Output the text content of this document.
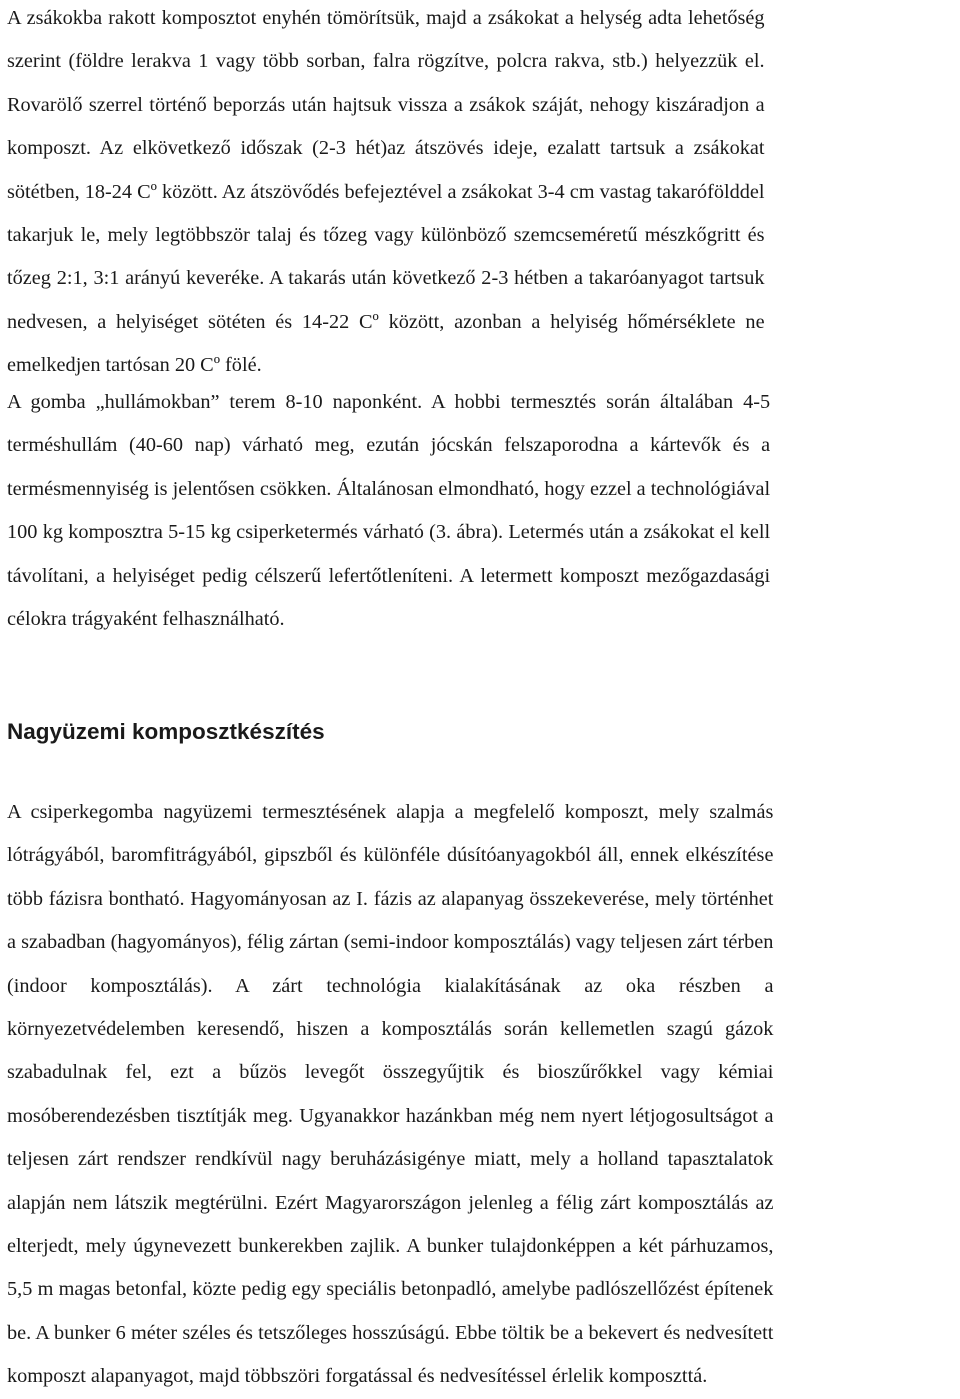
A zsákokba rakott komposztot enyhén tömörítsük, majd a zsákokat a helység adta lehetőség
szerint (földre lerakva 1 vagy több sorban, falra rögzítve, polcra rakva, stb.) helyezzük el.
Rovarölő szerrel történő beporzás után hajtsuk vissza a zsákok száját, nehogy kiszáradjon a
komposzt. Az elkövetkező időszak (2-3 hét)az átszövés ideje, ezalatt tartsuk a zsákokat
sötétben, 18-24 Cº között. Az átszövődés befejeztével a zsákokat 3-4 cm vastag takarófölddel
takarjuk le, mely legtöbbször talaj és tőzeg vagy különböző szemcseméretű mészkőgritt és
tőzeg 2:1, 3:1 arányú keveréke. A takarás után következő 2-3 hétben a takaróanyagot tartsuk
nedvesen, a helyiséget sötéten és 14-22 Cº között, azonban a helyiség hőmérséklete ne
emelkedjen tartósan 20 Cº fölé.

A gomba „hullámokban” terem 8-10 naponként. A hobbi termesztés során általában 4-5
terméshullám (40-60 nap) várható meg, ezután jócskán felszaporodna a kártevők és a
termésmennyiség is jelentősen csökken. Általánosan elmondható, hogy ezzel a technológiával
100 kg komposztra 5-15 kg csiperketermés várható (3. ábra). Letermés után a zsákokat el kell
távolítani, a helyiséget pedig célszerű lefertőtleníteni. A letermett komposzt mezőgazdasági
célokra trágyaként felhasználható.

Nagyüzemi komposztkészítés

A csiperkegomba nagyüzemi termesztésének alapja a megfelelő komposzt, mely szalmás
lótrágyából, baromfitrágyából, gipszből és különféle dúsítóanyagokból áll, ennek elkészítése
több fázisra bontható. Hagyományosan az I. fázis az alapanyag összekeverése, mely történhet
a szabadban (hagyományos), félig zártan (semi-indoor komposztálás) vagy teljesen zárt térben
(indoor komposztálás). A zárt technológia kialakításának az oka részben a
környezetvédelemben keresendő, hiszen a komposztálás során kellemetlen szagú gázok
szabadulnak fel, ezt a bűzös levegőt összegyűjtik és bioszűrőkkel vagy kémiai
mosóberendezésben tisztítják meg. Ugyanakkor hazánkban még nem nyert létjogosultságot a
teljesen zárt rendszer rendkívül nagy beruházásigénye miatt, mely a holland tapasztalatok
alapján nem látszik megtérülni. Ezért Magyarországon jelenleg a félig zárt komposztálás az
elterjedt, mely úgynevezett bunkerekben zajlik. A bunker tulajdonképpen a két párhuzamos,
5,5 m magas betonfal, közte pedig egy speciális betonpadló, amelybe padlószellőzést építenek
be. A bunker 6 méter széles és tetszőleges hosszúságú. Ebbe töltik be a bekevert és nedvesített
komposzt alapanyagot, majd többszöri forgatással és nedvesítéssel érlelik komposzttá.
